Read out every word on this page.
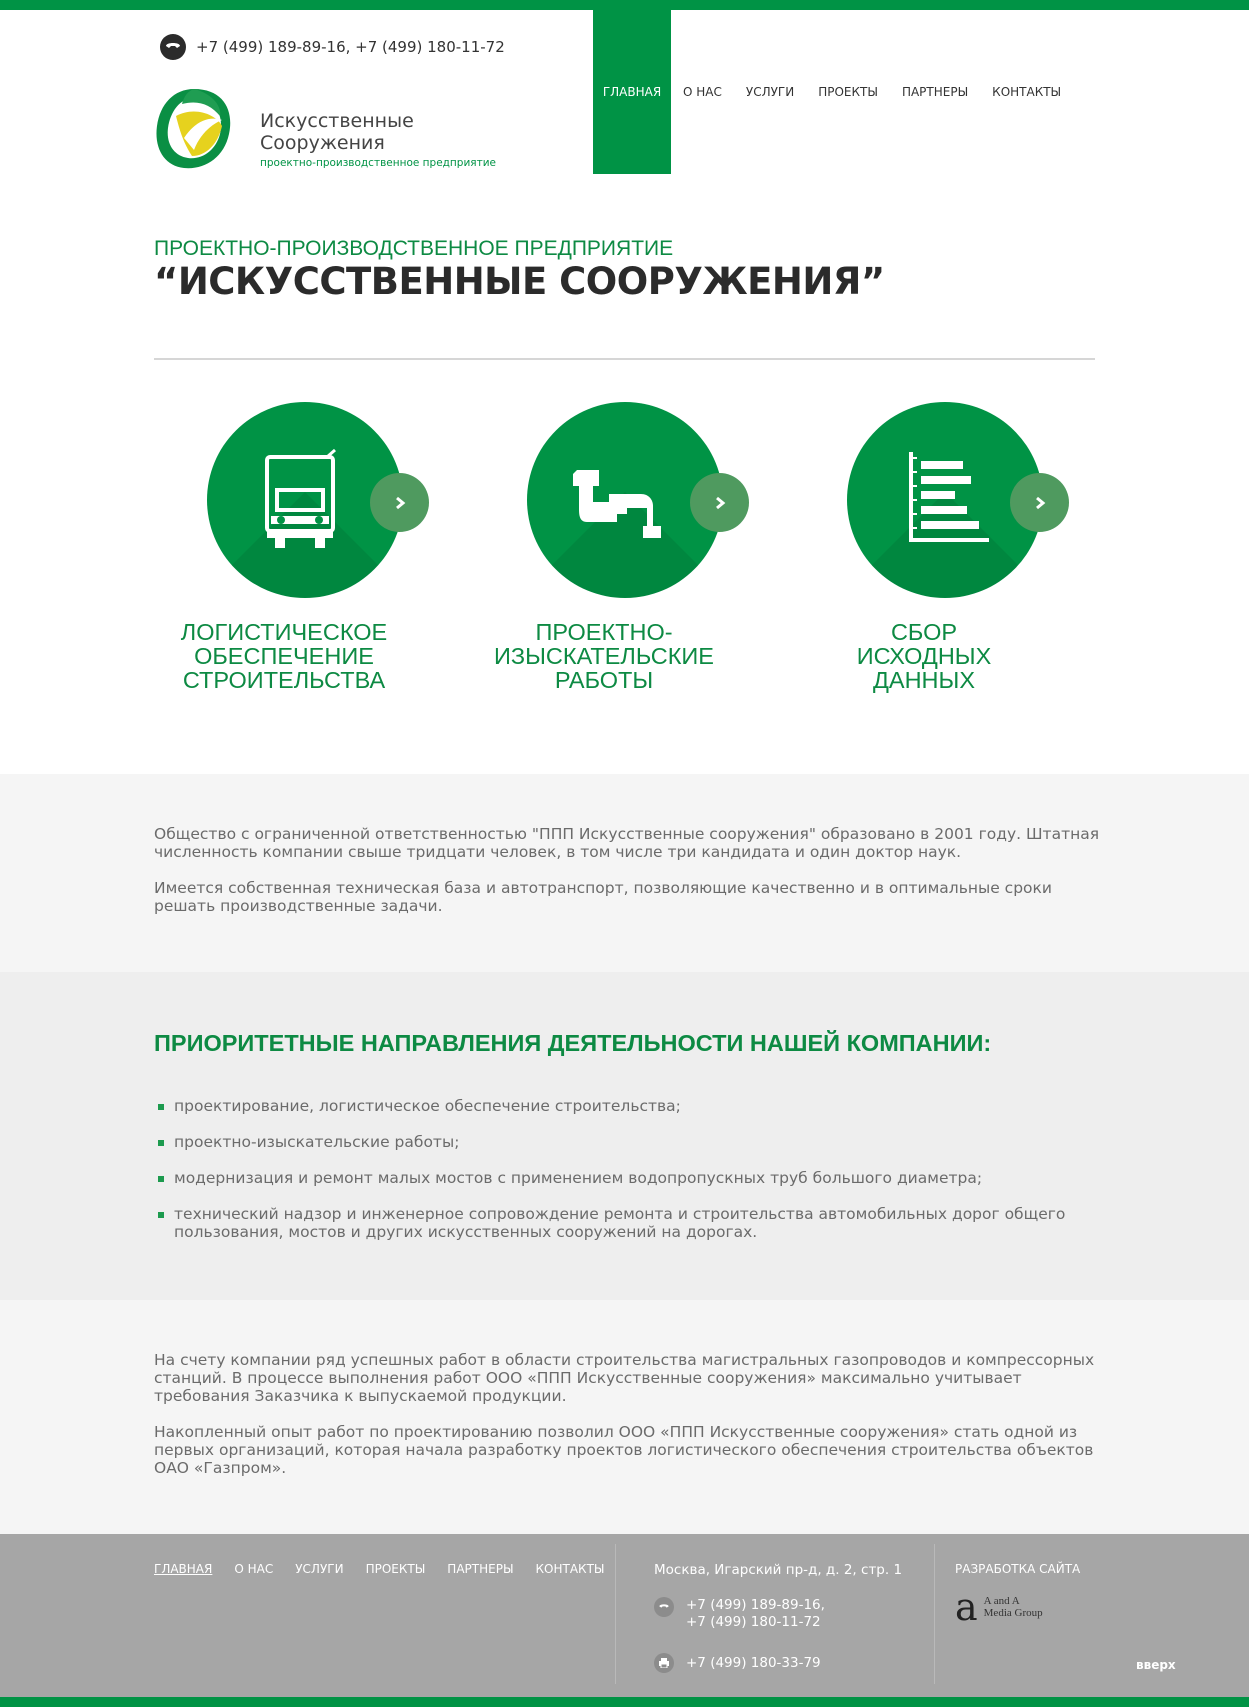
+7 (499) 189-89-16, +7 (499) 180-11-72
Искусственные
Сооружения
проектно-производственное предприятие
ГЛАВНАЯ	О НАС	УСЛУГИ	ПРОЕКТЫ	ПАРТНЕРЫ	КОНТАКТЫ
ПРОЕКТНО-ПРОИЗВОДСТВЕННОЕ ПРЕДПРИЯТИЕ
“ИСКУССТВЕННЫЕ СООРУЖЕНИЯ”
ЛОГИСТИЧЕСКОЕ
ОБЕСПЕЧЕНИЕ
СТРОИТЕЛЬСТВА
ПРОЕКТНО-
ИЗЫСКАТЕЛЬСКИЕ
РАБОТЫ
СБОР
ИСХОДНЫХ
ДАННЫХ

Общество с ограниченной ответственностью "ППП Искусственные сооружения" образовано в 2001 году. Штатная численность компании свыше тридцати человек, в том числе три кандидата и один доктор наук.

Имеется собственная техническая база и автотранспорт, позволяющие качественно и в оптимальные сроки решать производственные задачи.

ПРИОРИТЕТНЫЕ НАПРАВЛЕНИЯ ДЕЯТЕЛЬНОСТИ НАШЕЙ КОМПАНИИ:
проектирование, логистическое обеспечение строительства;
проектно-изыскательские работы;
модернизация и ремонт малых мостов с применением водопропускных труб большого диаметра;
технический надзор и инженерное сопровождение ремонта и строительства автомобильных дорог общего пользования, мостов и других искусственных сооружений на дорогах.

На счету компании ряд успешных работ в области строительства магистральных газопроводов и компрессорных станций. В процессе выполнения работ ООО «ППП Искусственные сооружения» максимально учитывает требования Заказчика к выпускаемой продукции.

Накопленный опыт работ по проектированию позволил ООО «ППП Искусственные сооружения» стать одной из первых организаций, которая начала разработку проектов логистического обеспечения строительства объектов ОАО «Газпром».

ГЛАВНАЯ О НАС УСЛУГИ ПРОЕКТЫ ПАРТНЕРЫ КОНТАКТЫ	Москва, Игарский пр-д, д. 2, стр. 1
+7 (499) 189-89-16,
+7 (499) 180-11-72
+7 (499) 180-33-79
РАЗРАБОТКА САЙТА
a A and A
Media Group
вверх
